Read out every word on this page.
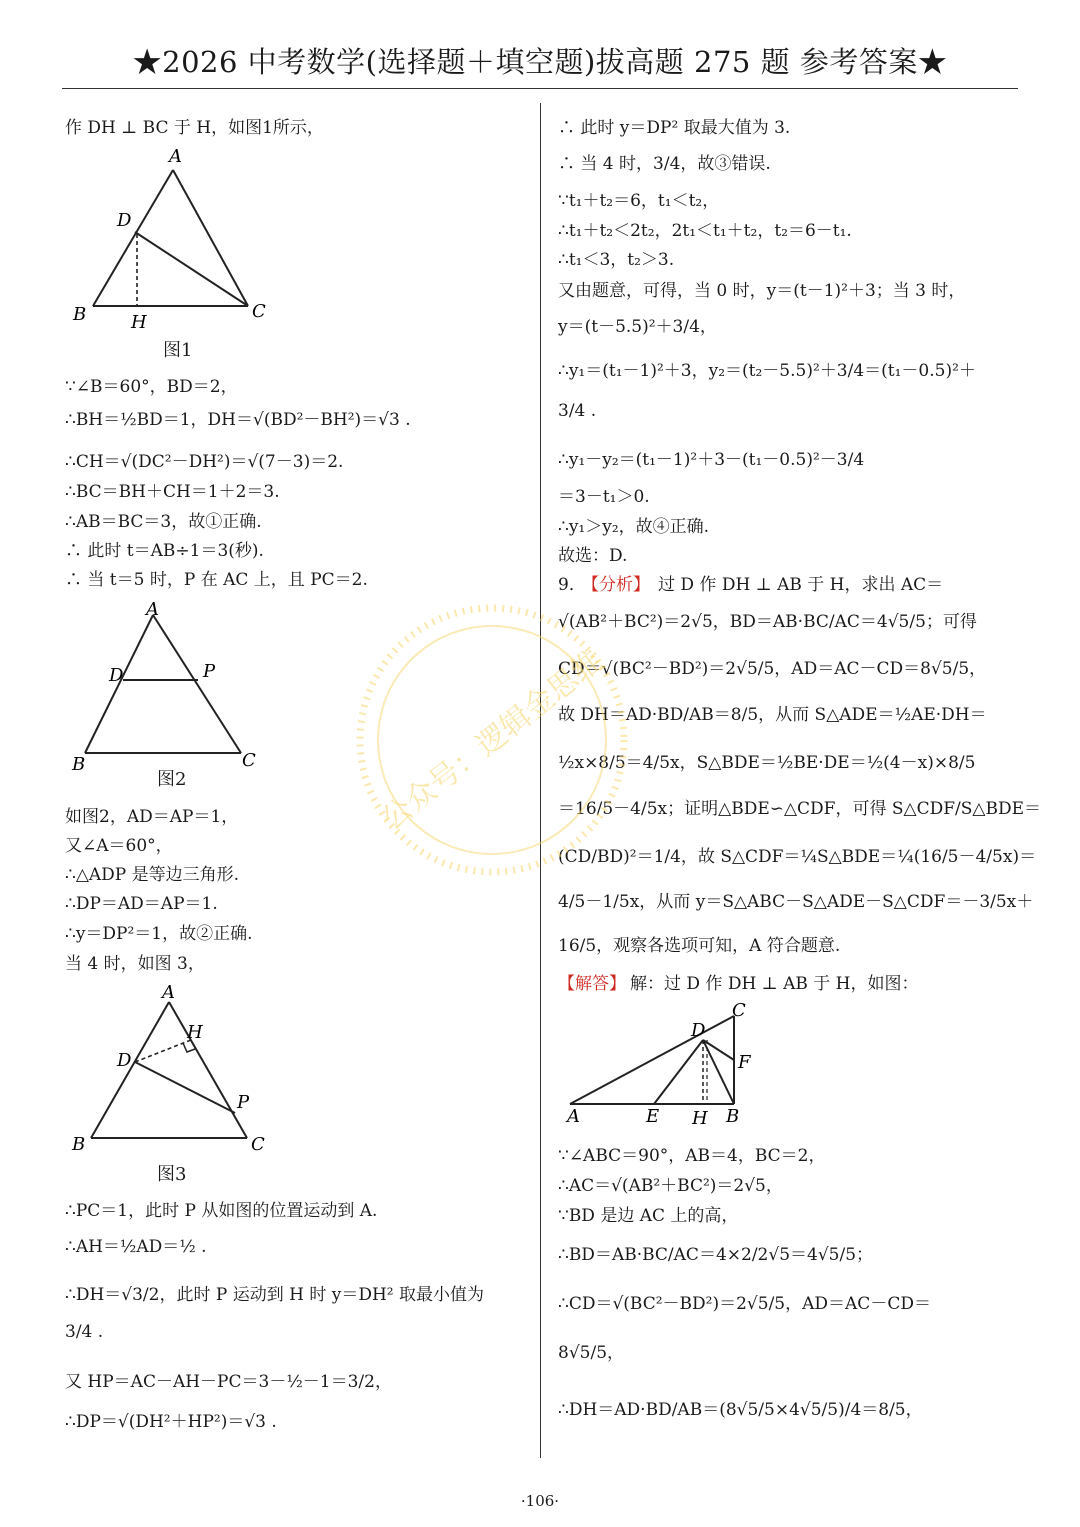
★2026 中考数学(选择题＋填空题)拔高题 275 题 参考答案★
作 DH ⊥ BC 于 H，如图1所示，
A
D
B H
C
图1
∵∠B＝60°，BD＝2，
∴BH＝½BD＝1，DH＝√(BD²－BH²)＝√3 .
∴CH＝√(DC²－DH²)＝√(7－3)＝2.
∴BC＝BH＋CH＝1＋2＝3.
∴AB＝BC＝3，故①正确.
∴ 此时 t＝AB÷1＝3(秒).
∴ 当 t＝5 时，P 在 AC 上，且 PC＝2.
A
D	P
B	C
图2
如图2，AD＝AP＝1，
又∠A＝60°，
∴△ADP 是等边三角形.
∴DP＝AD＝AP＝1.
∴y＝DP²＝1，故②正确.
当 4 时，如图 3，
A
H
D
P
B	C
图3
∴PC＝1，此时 P 从如图的位置运动到 A.
∴AH＝½AD＝½ .
∴DH＝√3/2，此时 P 运动到 H 时 y＝DH² 取最小值为
3/4 .
又 HP＝AC－AH－PC＝3－½－1＝3/2，
∴DP＝√(DH²＋HP²)＝√3 .
∴ 此时 y＝DP² 取最大值为 3.
∴ 当 4 时，3/4，故③错误.
∵t₁＋t₂＝6，t₁＜t₂，
∴t₁＋t₂＜2t₂，2t₁＜t₁＋t₂，t₂＝6－t₁.
∴t₁＜3，t₂＞3.
又由题意，可得，当 0 时，y＝(t－1)²＋3；当 3 时，
y＝(t－5.5)²＋3/4，
∴y₁＝(t₁－1)²＋3，y₂＝(t₂－5.5)²＋3/4＝(t₁－0.5)²＋
3/4 .
∴y₁－y₂＝(t₁－1)²＋3－(t₁－0.5)²－3/4
＝3－t₁＞0.
∴y₁＞y₂，故④正确.
故选：D.
9．
【分析】 过 D 作 DH ⊥ AB 于 H，求出 AC＝
√(AB²＋BC²)＝2√5，BD＝AB·BC/AC＝4√5/5；可得
CD＝√(BC²－BD²)＝2√5/5，AD＝AC－CD＝8√5/5，
故 DH＝AD·BD/AB＝8/5，从而 S△ADE＝½AE·DH＝
½x×8/5＝4/5x，S△BDE＝½BE·DE＝½(4－x)×8/5
＝16/5－4/5x；证明△BDE∽△CDF，可得 S△CDF/S△BDE＝
(CD/BD)²＝1/4，故 S△CDF＝¼S△BDE＝¼(16/5－4/5x)＝
4/5－1/5x，从而 y＝S△ABC－S△ADE－S△CDF＝－3/5x＋
16/5，观察各选项可知，A 符合题意.
【解答】 解：过 D 作 DH ⊥ AB 于 H，如图：
C
D
F
A	E H B
∵∠ABC＝90°，AB＝4，BC＝2，
∴AC＝√(AB²＋BC²)＝2√5，
∵BD 是边 AC 上的高，
∴BD＝AB·BC/AC＝4×2/2√5＝4√5/5；
∴CD＝√(BC²－BD²)＝2√5/5，AD＝AC－CD＝
8√5/5，
∴DH＝AD·BD/AB＝(8√5/5×4√5/5)/4＝8/5，
公众号：逻辑金思维
·106·
